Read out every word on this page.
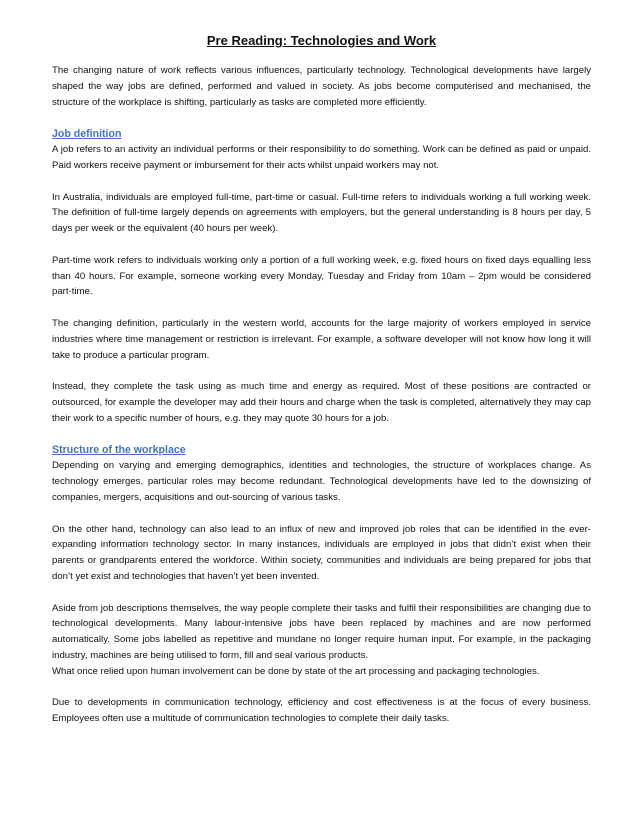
Pre Reading: Technologies and Work

The changing nature of work reflects various influences, particularly technology. Technological developments have largely shaped the way jobs are defined, performed and valued in society. As jobs become computerised and mechanised, the structure of the workplace is shifting, particularly as tasks are completed more efficiently.

Job definition

A job refers to an activity an individual performs or their responsibility to do something. Work can be defined as paid or unpaid. Paid workers receive payment or imbursement for their acts whilst unpaid workers may not.

In Australia, individuals are employed full-time, part-time or casual. Full-time refers to individuals working a full working week. The definition of full-time largely depends on agreements with employers, but the general understanding is 8 hours per day, 5 days per week or the equivalent (40 hours per week).

Part-time work refers to individuals working only a portion of a full working week, e.g. fixed hours on fixed days equalling less than 40 hours. For example, someone working every Monday, Tuesday and Friday from 10am – 2pm would be considered part-time.

The changing definition, particularly in the western world, accounts for the large majority of workers employed in service industries where time management or restriction is irrelevant. For example, a software developer will not know how long it will take to produce a particular program.

Instead, they complete the task using as much time and energy as required. Most of these positions are contracted or outsourced, for example the developer may add their hours and charge when the task is completed, alternatively they may cap their work to a specific number of hours, e.g. they may quote 30 hours for a job.

Structure of the workplace

Depending on varying and emerging demographics, identities and technologies, the structure of workplaces change. As technology emerges, particular roles may become redundant. Technological developments have led to the downsizing of companies, mergers, acquisitions and out-sourcing of various tasks.

On the other hand, technology can also lead to an influx of new and improved job roles that can be identified in the ever-expanding information technology sector. In many instances, individuals are employed in jobs that didn’t exist when their parents or grandparents entered the workforce. Within society, communities and individuals are being prepared for jobs that don’t yet exist and technologies that haven’t yet been invented.

Aside from job descriptions themselves, the way people complete their tasks and fulfil their responsibilities are changing due to technological developments. Many labour-intensive jobs have been replaced by machines and are now performed automatically. Some jobs labelled as repetitive and mundane no longer require human input. For example, in the packaging industry, machines are being utilised to form, fill and seal various products.

What once relied upon human involvement can be done by state of the art processing and packaging technologies.

Due to developments in communication technology, efficiency and cost effectiveness is at the focus of every business. Employees often use a multitude of communication technologies to complete their daily tasks.
